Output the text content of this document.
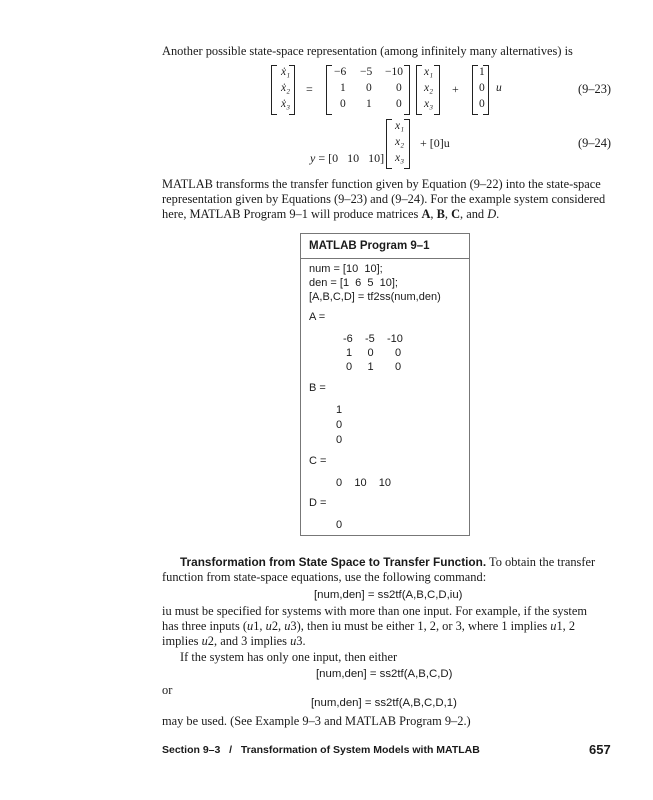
Another possible state-space representation (among infinitely many alternatives) is
ẋ₁
ẋ₂
ẋ₃
=
−6 −5 −10
1 0 0
0 1 0
x₁
x₂
x₃
+
1
0
0
u	(9–23)

y = [0   10   10]

x₁
x₂
x₃
+ [0]u	(9–24)
MATLAB transforms the transfer function given by Equation (9–22) into the state-space
representation given by Equations (9–23) and (9–24). For the example system considered
here, MATLAB Program 9–1 will produce matrices A, B, C, and D.
MATLAB Program 9–1
num = [10  10];
den = [1  6  5  10];
[A,B,C,D] = tf2ss(num,den)
A =
-6    -5    -10
1     0       0
0     1       0
B =
1
0
0
C =
0    10    10
D =
0
Transformation from State Space to Transfer Function. To obtain the transfer
function from state-space equations, use the following command:
[num,den] = ss2tf(A,B,C,D,iu)
iu must be specified for systems with more than one input. For example, if the system
has three inputs (u1, u2, u3), then iu must be either 1, 2, or 3, where 1 implies u1, 2
implies u2, and 3 implies u3.
If the system has only one input, then either
[num,den] = ss2tf(A,B,C,D)
or
[num,den] = ss2tf(A,B,C,D,1)
may be used. (See Example 9–3 and MATLAB Program 9–2.)
Section 9–3 / Transformation of System Models with MATLAB	657
